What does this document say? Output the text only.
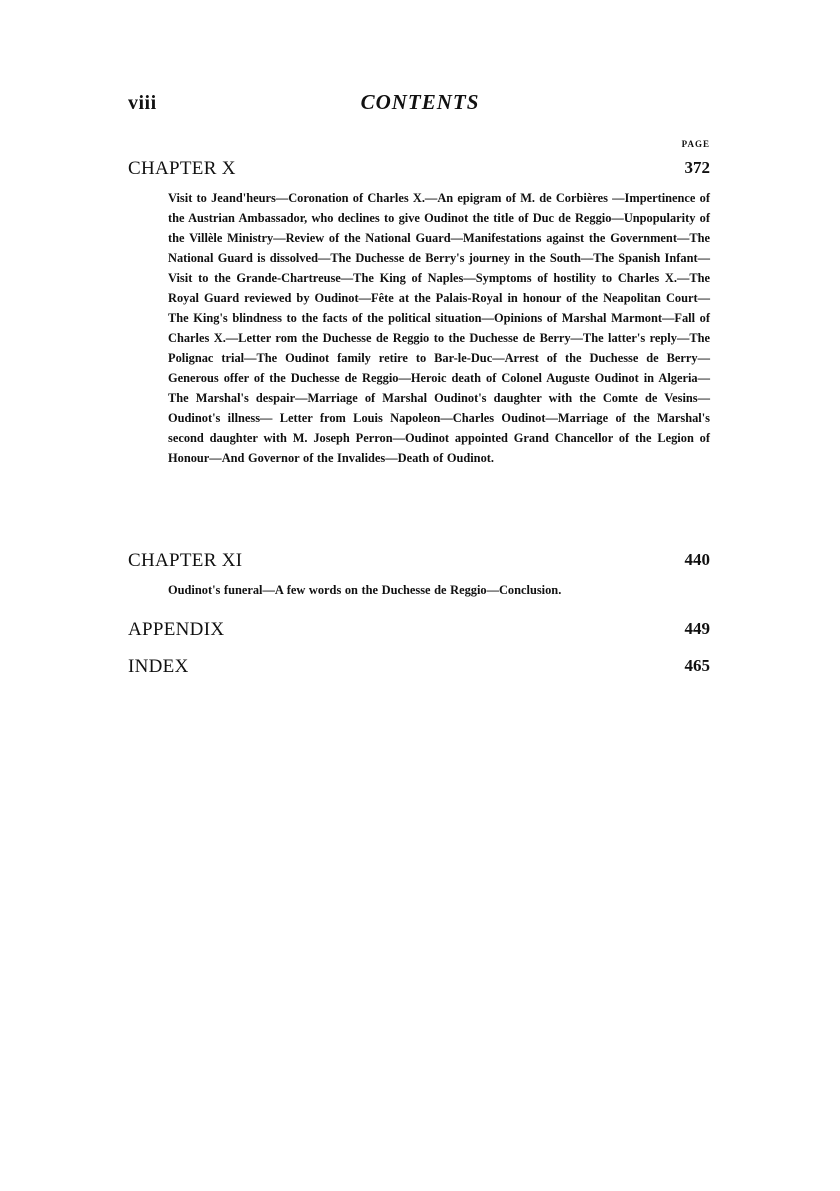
viii	CONTENTS
PAGE
CHAPTER X	372
Visit to Jeand'heurs—Coronation of Charles X.—An epigram of M. de Corbières —Impertinence of the Austrian Ambassador, who declines to give Oudinot the title of Duc de Reggio—Unpopularity of the Villèle Ministry—Review of the National Guard—Manifestations against the Government—The National Guard is dissolved—The Duchesse de Berry's journey in the South—The Spanish Infant—Visit to the Grande-Chartreuse—The King of Naples—Symptoms of hostility to Charles X.—The Royal Guard reviewed by Oudinot—Fête at the Palais-Royal in honour of the Neapolitan Court—The King's blindness to the facts of the political situation—Opinions of Marshal Marmont—Fall of Charles X.—Letter rom the Duchesse de Reggio to the Duchesse de Berry—The latter's reply—The Polignac trial—The Oudinot family retire to Bar-le-Duc—Arrest of the Duchesse de Berry—Generous offer of the Duchesse de Reggio—Heroic death of Colonel Auguste Oudinot in Algeria—The Marshal's despair—Marriage of Marshal Oudinot's daughter with the Comte de Vesins—Oudinot's illness— Letter from Louis Napoleon—Charles Oudinot—Marriage of the Marshal's second daughter with M. Joseph Perron—Oudinot appointed Grand Chancellor of the Legion of Honour—And Governor of the Invalides—Death of Oudinot.
CHAPTER XI	440
Oudinot's funeral—A few words on the Duchesse de Reggio—Conclusion.
APPENDIX	449
INDEX	465
